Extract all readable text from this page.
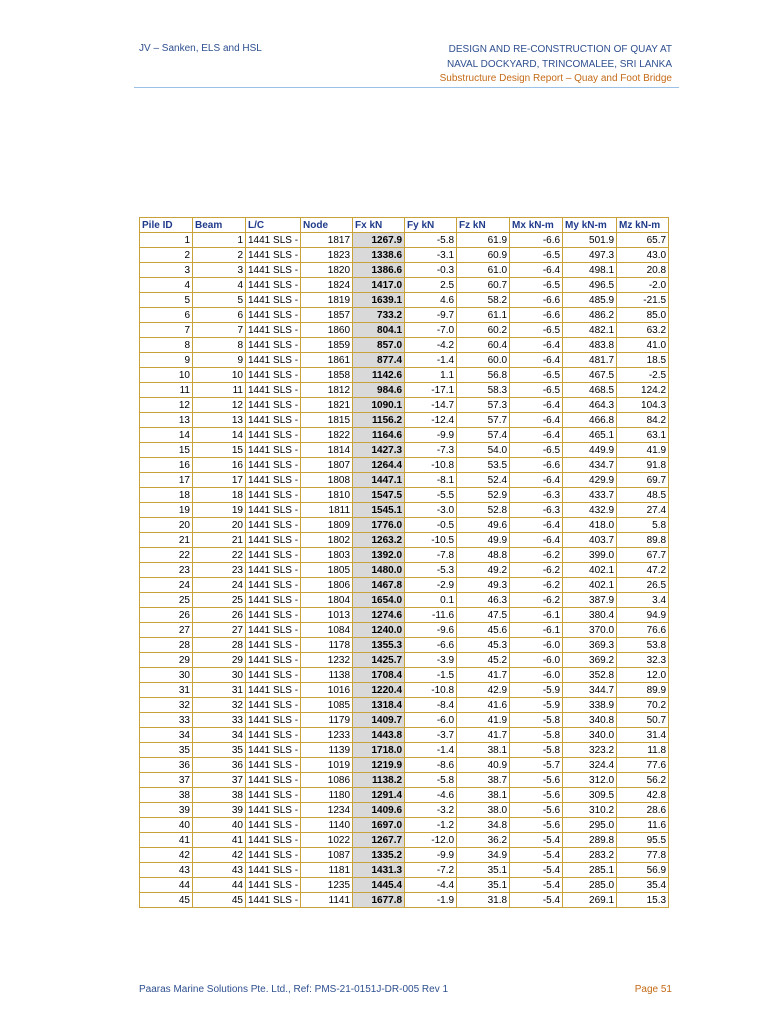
JV – Sanken, ELS and HSL	DESIGN AND RE-CONSTRUCTION OF QUAY AT
NAVAL DOCKYARD, TRINCOMALEE, SRI LANKA
Substructure Design Report – Quay and Foot Bridge
Pile ID	Beam	L/C	Node	Fx kN	Fy kN	Fz kN	Mx kN-m	My kN-m	Mz kN-m
1	1	1441 SLS -	1817	1267.9	-5.8	61.9	-6.6	501.9	65.7
2	2	1441 SLS -	1823	1338.6	-3.1	60.9	-6.5	497.3	43.0
3	3	1441 SLS -	1820	1386.6	-0.3	61.0	-6.4	498.1	20.8
4	4	1441 SLS -	1824	1417.0	2.5	60.7	-6.5	496.5	-2.0
5	5	1441 SLS -	1819	1639.1	4.6	58.2	-6.6	485.9	-21.5
6	6	1441 SLS -	1857	733.2	-9.7	61.1	-6.6	486.2	85.0
7	7	1441 SLS -	1860	804.1	-7.0	60.2	-6.5	482.1	63.2
8	8	1441 SLS -	1859	857.0	-4.2	60.4	-6.4	483.8	41.0
9	9	1441 SLS -	1861	877.4	-1.4	60.0	-6.4	481.7	18.5
10	10	1441 SLS -	1858	1142.6	1.1	56.8	-6.5	467.5	-2.5
11	11	1441 SLS -	1812	984.6	-17.1	58.3	-6.5	468.5	124.2
12	12	1441 SLS -	1821	1090.1	-14.7	57.3	-6.4	464.3	104.3
13	13	1441 SLS -	1815	1156.2	-12.4	57.7	-6.4	466.8	84.2
14	14	1441 SLS -	1822	1164.6	-9.9	57.4	-6.4	465.1	63.1
15	15	1441 SLS -	1814	1427.3	-7.3	54.0	-6.5	449.9	41.9
16	16	1441 SLS -	1807	1264.4	-10.8	53.5	-6.6	434.7	91.8
17	17	1441 SLS -	1808	1447.1	-8.1	52.4	-6.4	429.9	69.7
18	18	1441 SLS -	1810	1547.5	-5.5	52.9	-6.3	433.7	48.5
19	19	1441 SLS -	1811	1545.1	-3.0	52.8	-6.3	432.9	27.4
20	20	1441 SLS -	1809	1776.0	-0.5	49.6	-6.4	418.0	5.8
21	21	1441 SLS -	1802	1263.2	-10.5	49.9	-6.4	403.7	89.8
22	22	1441 SLS -	1803	1392.0	-7.8	48.8	-6.2	399.0	67.7
23	23	1441 SLS -	1805	1480.0	-5.3	49.2	-6.2	402.1	47.2
24	24	1441 SLS -	1806	1467.8	-2.9	49.3	-6.2	402.1	26.5
25	25	1441 SLS -	1804	1654.0	0.1	46.3	-6.2	387.9	3.4
26	26	1441 SLS -	1013	1274.6	-11.6	47.5	-6.1	380.4	94.9
27	27	1441 SLS -	1084	1240.0	-9.6	45.6	-6.1	370.0	76.6
28	28	1441 SLS -	1178	1355.3	-6.6	45.3	-6.0	369.3	53.8
29	29	1441 SLS -	1232	1425.7	-3.9	45.2	-6.0	369.2	32.3
30	30	1441 SLS -	1138	1708.4	-1.5	41.7	-6.0	352.8	12.0
31	31	1441 SLS -	1016	1220.4	-10.8	42.9	-5.9	344.7	89.9
32	32	1441 SLS -	1085	1318.4	-8.4	41.6	-5.9	338.9	70.2
33	33	1441 SLS -	1179	1409.7	-6.0	41.9	-5.8	340.8	50.7
34	34	1441 SLS -	1233	1443.8	-3.7	41.7	-5.8	340.0	31.4
35	35	1441 SLS -	1139	1718.0	-1.4	38.1	-5.8	323.2	11.8
36	36	1441 SLS -	1019	1219.9	-8.6	40.9	-5.7	324.4	77.6
37	37	1441 SLS -	1086	1138.2	-5.8	38.7	-5.6	312.0	56.2
38	38	1441 SLS -	1180	1291.4	-4.6	38.1	-5.6	309.5	42.8
39	39	1441 SLS -	1234	1409.6	-3.2	38.0	-5.6	310.2	28.6
40	40	1441 SLS -	1140	1697.0	-1.2	34.8	-5.6	295.0	11.6
41	41	1441 SLS -	1022	1267.7	-12.0	36.2	-5.4	289.8	95.5
42	42	1441 SLS -	1087	1335.2	-9.9	34.9	-5.4	283.2	77.8
43	43	1441 SLS -	1181	1431.3	-7.2	35.1	-5.4	285.1	56.9
44	44	1441 SLS -	1235	1445.4	-4.4	35.1	-5.4	285.0	35.4
45	45	1441 SLS -	1141	1677.8	-1.9	31.8	-5.4	269.1	15.3
Paaras Marine Solutions Pte. Ltd., Ref: PMS-21-0151J-DR-005 Rev 1	Page 51
